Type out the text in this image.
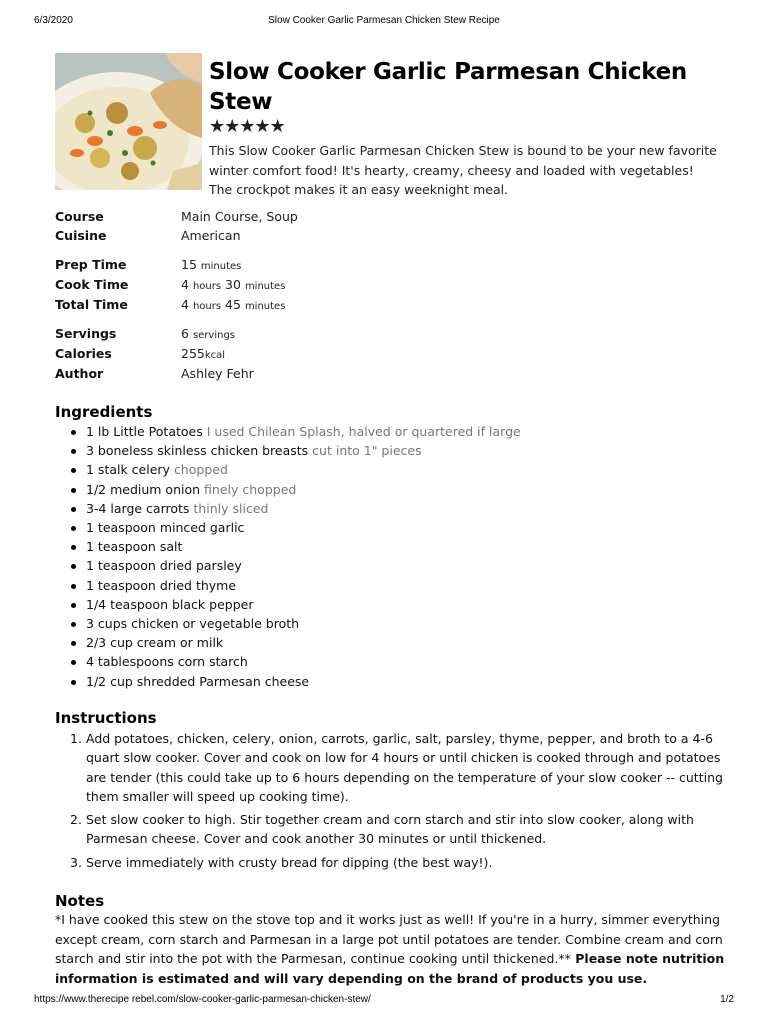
6/3/2020	Slow Cooker Garlic Parmesan Chicken Stew Recipe
https://www.therecipe rebel.com/slow-cooker-garlic-parmesan-chicken-stew/	1/2
Slow Cooker Garlic Parmesan Chicken Stew
★★★★★
This Slow Cooker Garlic Parmesan Chicken Stew is bound to be your new favorite winter comfort food! It's hearty, creamy, cheesy and loaded with vegetables! The crockpot makes it an easy weeknight meal.
Course	Main Course, Soup
Cuisine	American
Prep Time	15 minutes
Cook Time	4 hours 30 minutes
Total Time	4 hours 45 minutes
Servings	6 servings
Calories	255kcal
Author	Ashley Fehr
Ingredients
1 lb Little Potatoes I used Chilean Splash, halved or quartered if large
3 boneless skinless chicken breasts cut into 1" pieces
1 stalk celery chopped
1/2 medium onion finely chopped
3-4 large carrots thinly sliced
1 teaspoon minced garlic
1 teaspoon salt
1 teaspoon dried parsley
1 teaspoon dried thyme
1/4 teaspoon black pepper
3 cups chicken or vegetable broth
2/3 cup cream or milk
4 tablespoons corn starch
1/2 cup shredded Parmesan cheese
Instructions
1. Add potatoes, chicken, celery, onion, carrots, garlic, salt, parsley, thyme, pepper, and broth to a 4-6 quart slow cooker. Cover and cook on low for 4 hours or until chicken is cooked through and potatoes are tender (this could take up to 6 hours depending on the temperature of your slow cooker -- cutting them smaller will speed up cooking time).
2. Set slow cooker to high. Stir together cream and corn starch and stir into slow cooker, along with Parmesan cheese. Cover and cook another 30 minutes or until thickened.
3. Serve immediately with crusty bread for dipping (the best way!).
Notes
*I have cooked this stew on the stove top and it works just as well! If you're in a hurry, simmer everything except cream, corn starch and Parmesan in a large pot until potatoes are tender. Combine cream and corn starch and stir into the pot with the Parmesan, continue cooking until thickened.** Please note nutrition information is estimated and will vary depending on the brand of products you use.
